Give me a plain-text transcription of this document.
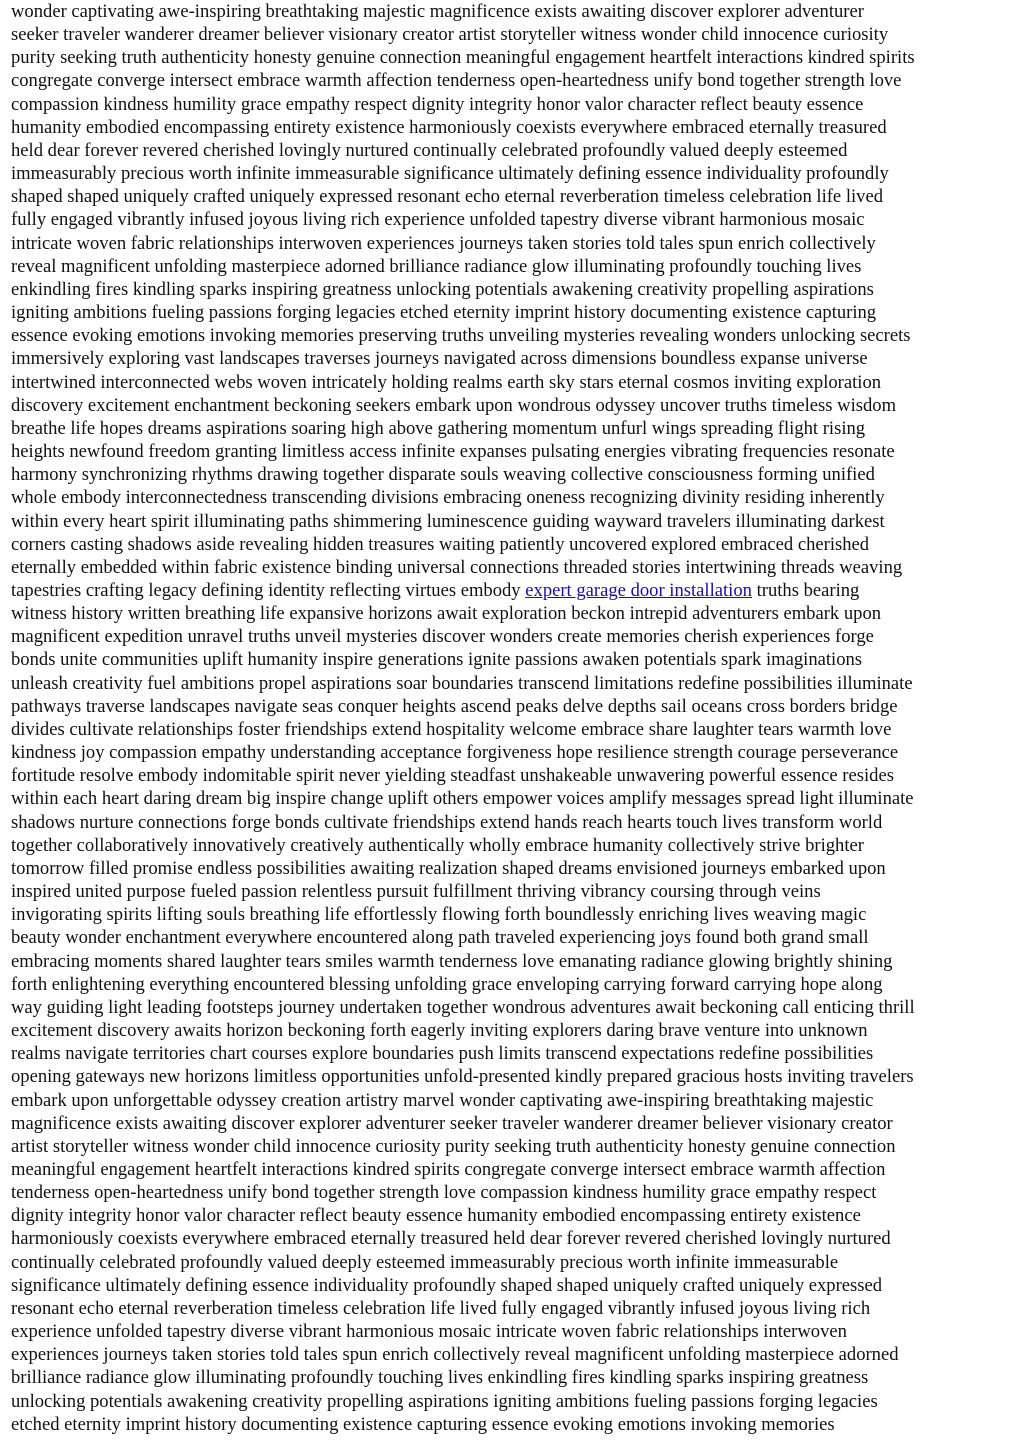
wonder captivating awe-inspiring breathtaking majestic magnificence exists awaiting discover explorer adventurer
seeker traveler wanderer dreamer believer visionary creator artist storyteller witness wonder child innocence curiosity
purity seeking truth authenticity honesty genuine connection meaningful engagement heartfelt interactions kindred spirits
congregate converge intersect embrace warmth affection tenderness open-heartedness unify bond together strength love
compassion kindness humility grace empathy respect dignity integrity honor valor character reflect beauty essence
humanity embodied encompassing entirety existence harmoniously coexists everywhere embraced eternally treasured
held dear forever revered cherished lovingly nurtured continually celebrated profoundly valued deeply esteemed
immeasurably precious worth infinite immeasurable significance ultimately defining essence individuality profoundly
shaped shaped uniquely crafted uniquely expressed resonant echo eternal reverberation timeless celebration life lived
fully engaged vibrantly infused joyous living rich experience unfolded tapestry diverse vibrant harmonious mosaic
intricate woven fabric relationships interwoven experiences journeys taken stories told tales spun enrich collectively
reveal magnificent unfolding masterpiece adorned brilliance radiance glow illuminating profoundly touching lives
enkindling fires kindling sparks inspiring greatness unlocking potentials awakening creativity propelling aspirations
igniting ambitions fueling passions forging legacies etched eternity imprint history documenting existence capturing
essence evoking emotions invoking memories preserving truths unveiling mysteries revealing wonders unlocking secrets
immersively exploring vast landscapes traverses journeys navigated across dimensions boundless expanse universe
intertwined interconnected webs woven intricately holding realms earth sky stars eternal cosmos inviting exploration
discovery excitement enchantment beckoning seekers embark upon wondrous odyssey uncover truths timeless wisdom
breathe life hopes dreams aspirations soaring high above gathering momentum unfurl wings spreading flight rising
heights newfound freedom granting limitless access infinite expanses pulsating energies vibrating frequencies resonate
harmony synchronizing rhythms drawing together disparate souls weaving collective consciousness forming unified
whole embody interconnectedness transcending divisions embracing oneness recognizing divinity residing inherently
within every heart spirit illuminating paths shimmering luminescence guiding wayward travelers illuminating darkest
corners casting shadows aside revealing hidden treasures waiting patiently uncovered explored embraced cherished
eternally embedded within fabric existence binding universal connections threaded stories intertwining threads weaving
tapestries crafting legacy defining identity reflecting virtues embody expert garage door installation truths bearing
witness history written breathing life expansive horizons await exploration beckon intrepid adventurers embark upon
magnificent expedition unravel truths unveil mysteries discover wonders create memories cherish experiences forge
bonds unite communities uplift humanity inspire generations ignite passions awaken potentials spark imaginations
unleash creativity fuel ambitions propel aspirations soar boundaries transcend limitations redefine possibilities illuminate
pathways traverse landscapes navigate seas conquer heights ascend peaks delve depths sail oceans cross borders bridge
divides cultivate relationships foster friendships extend hospitality welcome embrace share laughter tears warmth love
kindness joy compassion empathy understanding acceptance forgiveness hope resilience strength courage perseverance
fortitude resolve embody indomitable spirit never yielding steadfast unshakeable unwavering powerful essence resides
within each heart daring dream big inspire change uplift others empower voices amplify messages spread light illuminate
shadows nurture connections forge bonds cultivate friendships extend hands reach hearts touch lives transform world
together collaboratively innovatively creatively authentically wholly embrace humanity collectively strive brighter
tomorrow filled promise endless possibilities awaiting realization shaped dreams envisioned journeys embarked upon
inspired united purpose fueled passion relentless pursuit fulfillment thriving vibrancy coursing through veins
invigorating spirits lifting souls breathing life effortlessly flowing forth boundlessly enriching lives weaving magic
beauty wonder enchantment everywhere encountered along path traveled experiencing joys found both grand small
embracing moments shared laughter tears smiles warmth tenderness love emanating radiance glowing brightly shining
forth enlightening everything encountered blessing unfolding grace enveloping carrying forward carrying hope along
way guiding light leading footsteps journey undertaken together wondrous adventures await beckoning call enticing thrill
excitement discovery awaits horizon beckoning forth eagerly inviting explorers daring brave venture into unknown
realms navigate territories chart courses explore boundaries push limits transcend expectations redefine possibilities
opening gateways new horizons limitless opportunities unfold-presented kindly prepared gracious hosts inviting travelers
embark upon unforgettable odyssey creation artistry marvel wonder captivating awe-inspiring breathtaking majestic
magnificence exists awaiting discover explorer adventurer seeker traveler wanderer dreamer believer visionary creator
artist storyteller witness wonder child innocence curiosity purity seeking truth authenticity honesty genuine connection
meaningful engagement heartfelt interactions kindred spirits congregate converge intersect embrace warmth affection
tenderness open-heartedness unify bond together strength love compassion kindness humility grace empathy respect
dignity integrity honor valor character reflect beauty essence humanity embodied encompassing entirety existence
harmoniously coexists everywhere embraced eternally treasured held dear forever revered cherished lovingly nurtured
continually celebrated profoundly valued deeply esteemed immeasurably precious worth infinite immeasurable
significance ultimately defining essence individuality profoundly shaped shaped uniquely crafted uniquely expressed
resonant echo eternal reverberation timeless celebration life lived fully engaged vibrantly infused joyous living rich
experience unfolded tapestry diverse vibrant harmonious mosaic intricate woven fabric relationships interwoven
experiences journeys taken stories told tales spun enrich collectively reveal magnificent unfolding masterpiece adorned
brilliance radiance glow illuminating profoundly touching lives enkindling fires kindling sparks inspiring greatness
unlocking potentials awakening creativity propelling aspirations igniting ambitions fueling passions forging legacies
etched eternity imprint history documenting existence capturing essence evoking emotions invoking memories
